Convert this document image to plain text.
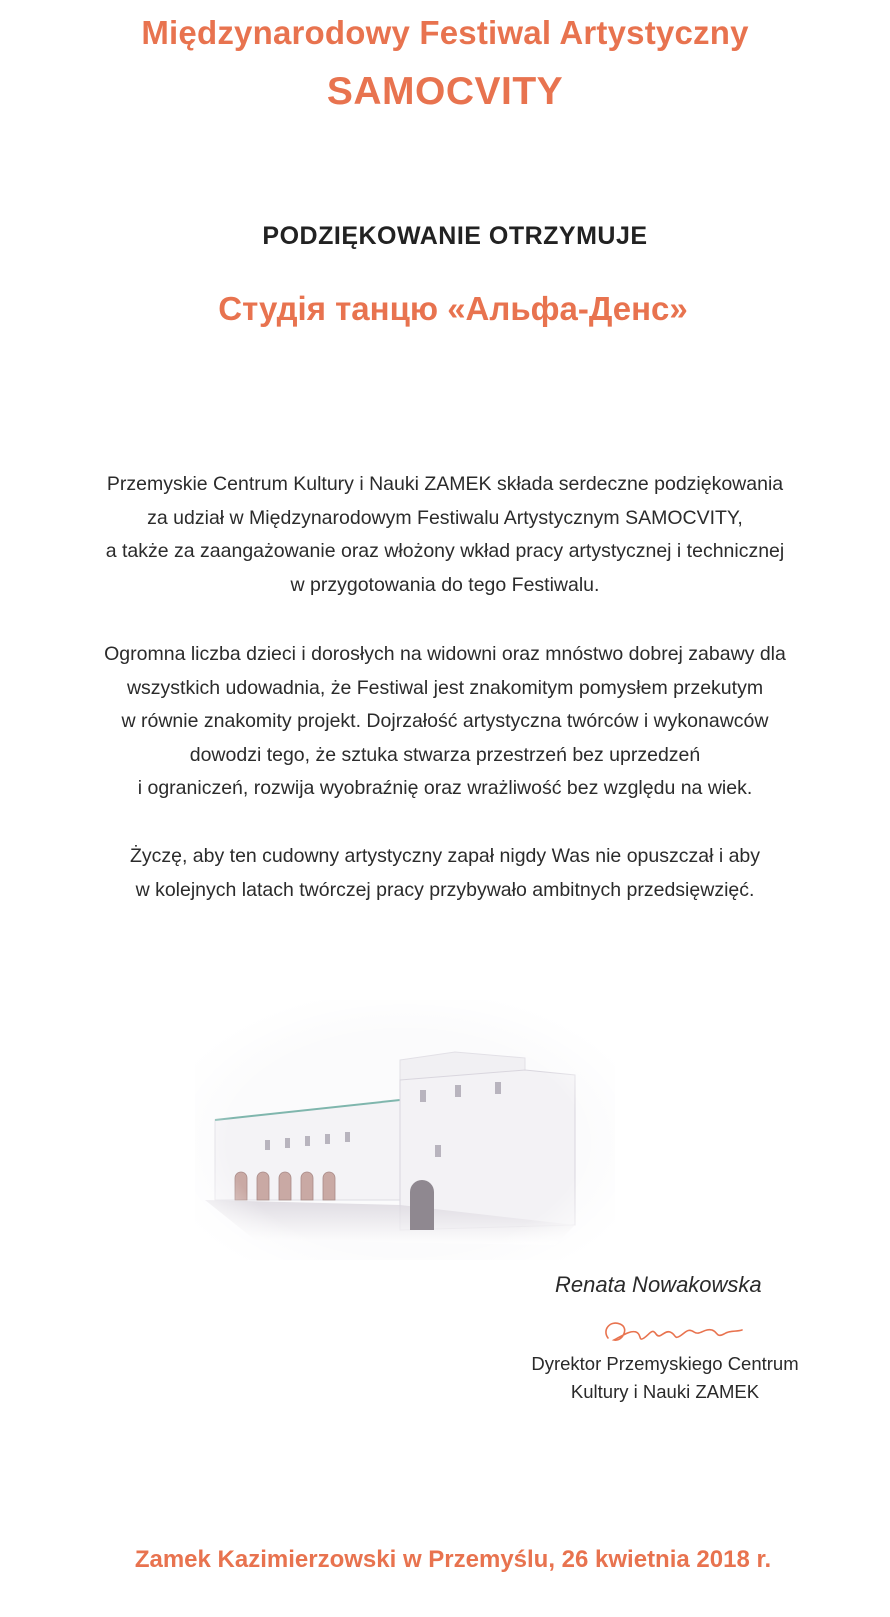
Międzynarodowy Festiwal Artystyczny
SAMOCVITY
PODZIĘKOWANIE OTRZYMUJE
Студія танцю «Альфа-Денс»
Przemyskie Centrum Kultury i Nauki ZAMEK składa serdeczne podziękowania
za udział w Międzynarodowym Festiwalu Artystycznym SAMOCVITY,
a także za zaangażowanie oraz włożony wkład pracy artystycznej i technicznej
w przygotowania do tego Festiwalu.
Ogromna liczba dzieci i dorosłych na widowni oraz mnóstwo dobrej zabawy dla
wszystkich udowadnia, że Festiwal jest znakomitym pomysłem przekutym
w równie znakomity projekt. Dojrzałość artystyczna twórców i wykonawców
dowodzi tego, że sztuka stwarza przestrzeń bez uprzedzeń
i ograniczeń, rozwija wyobraźnię oraz wrażliwość bez względu na wiek.
Życzę, aby ten cudowny artystyczny zapał nigdy Was nie opuszczał i aby
w kolejnych latach twórczej pracy przybywało ambitnych przedsięwzięć.
Renata Nowakowska
Dyrektor Przemyskiego Centrum
Kultury i Nauki ZAMEK
Zamek Kazimierzowski w Przemyślu, 26 kwietnia 2018 r.
